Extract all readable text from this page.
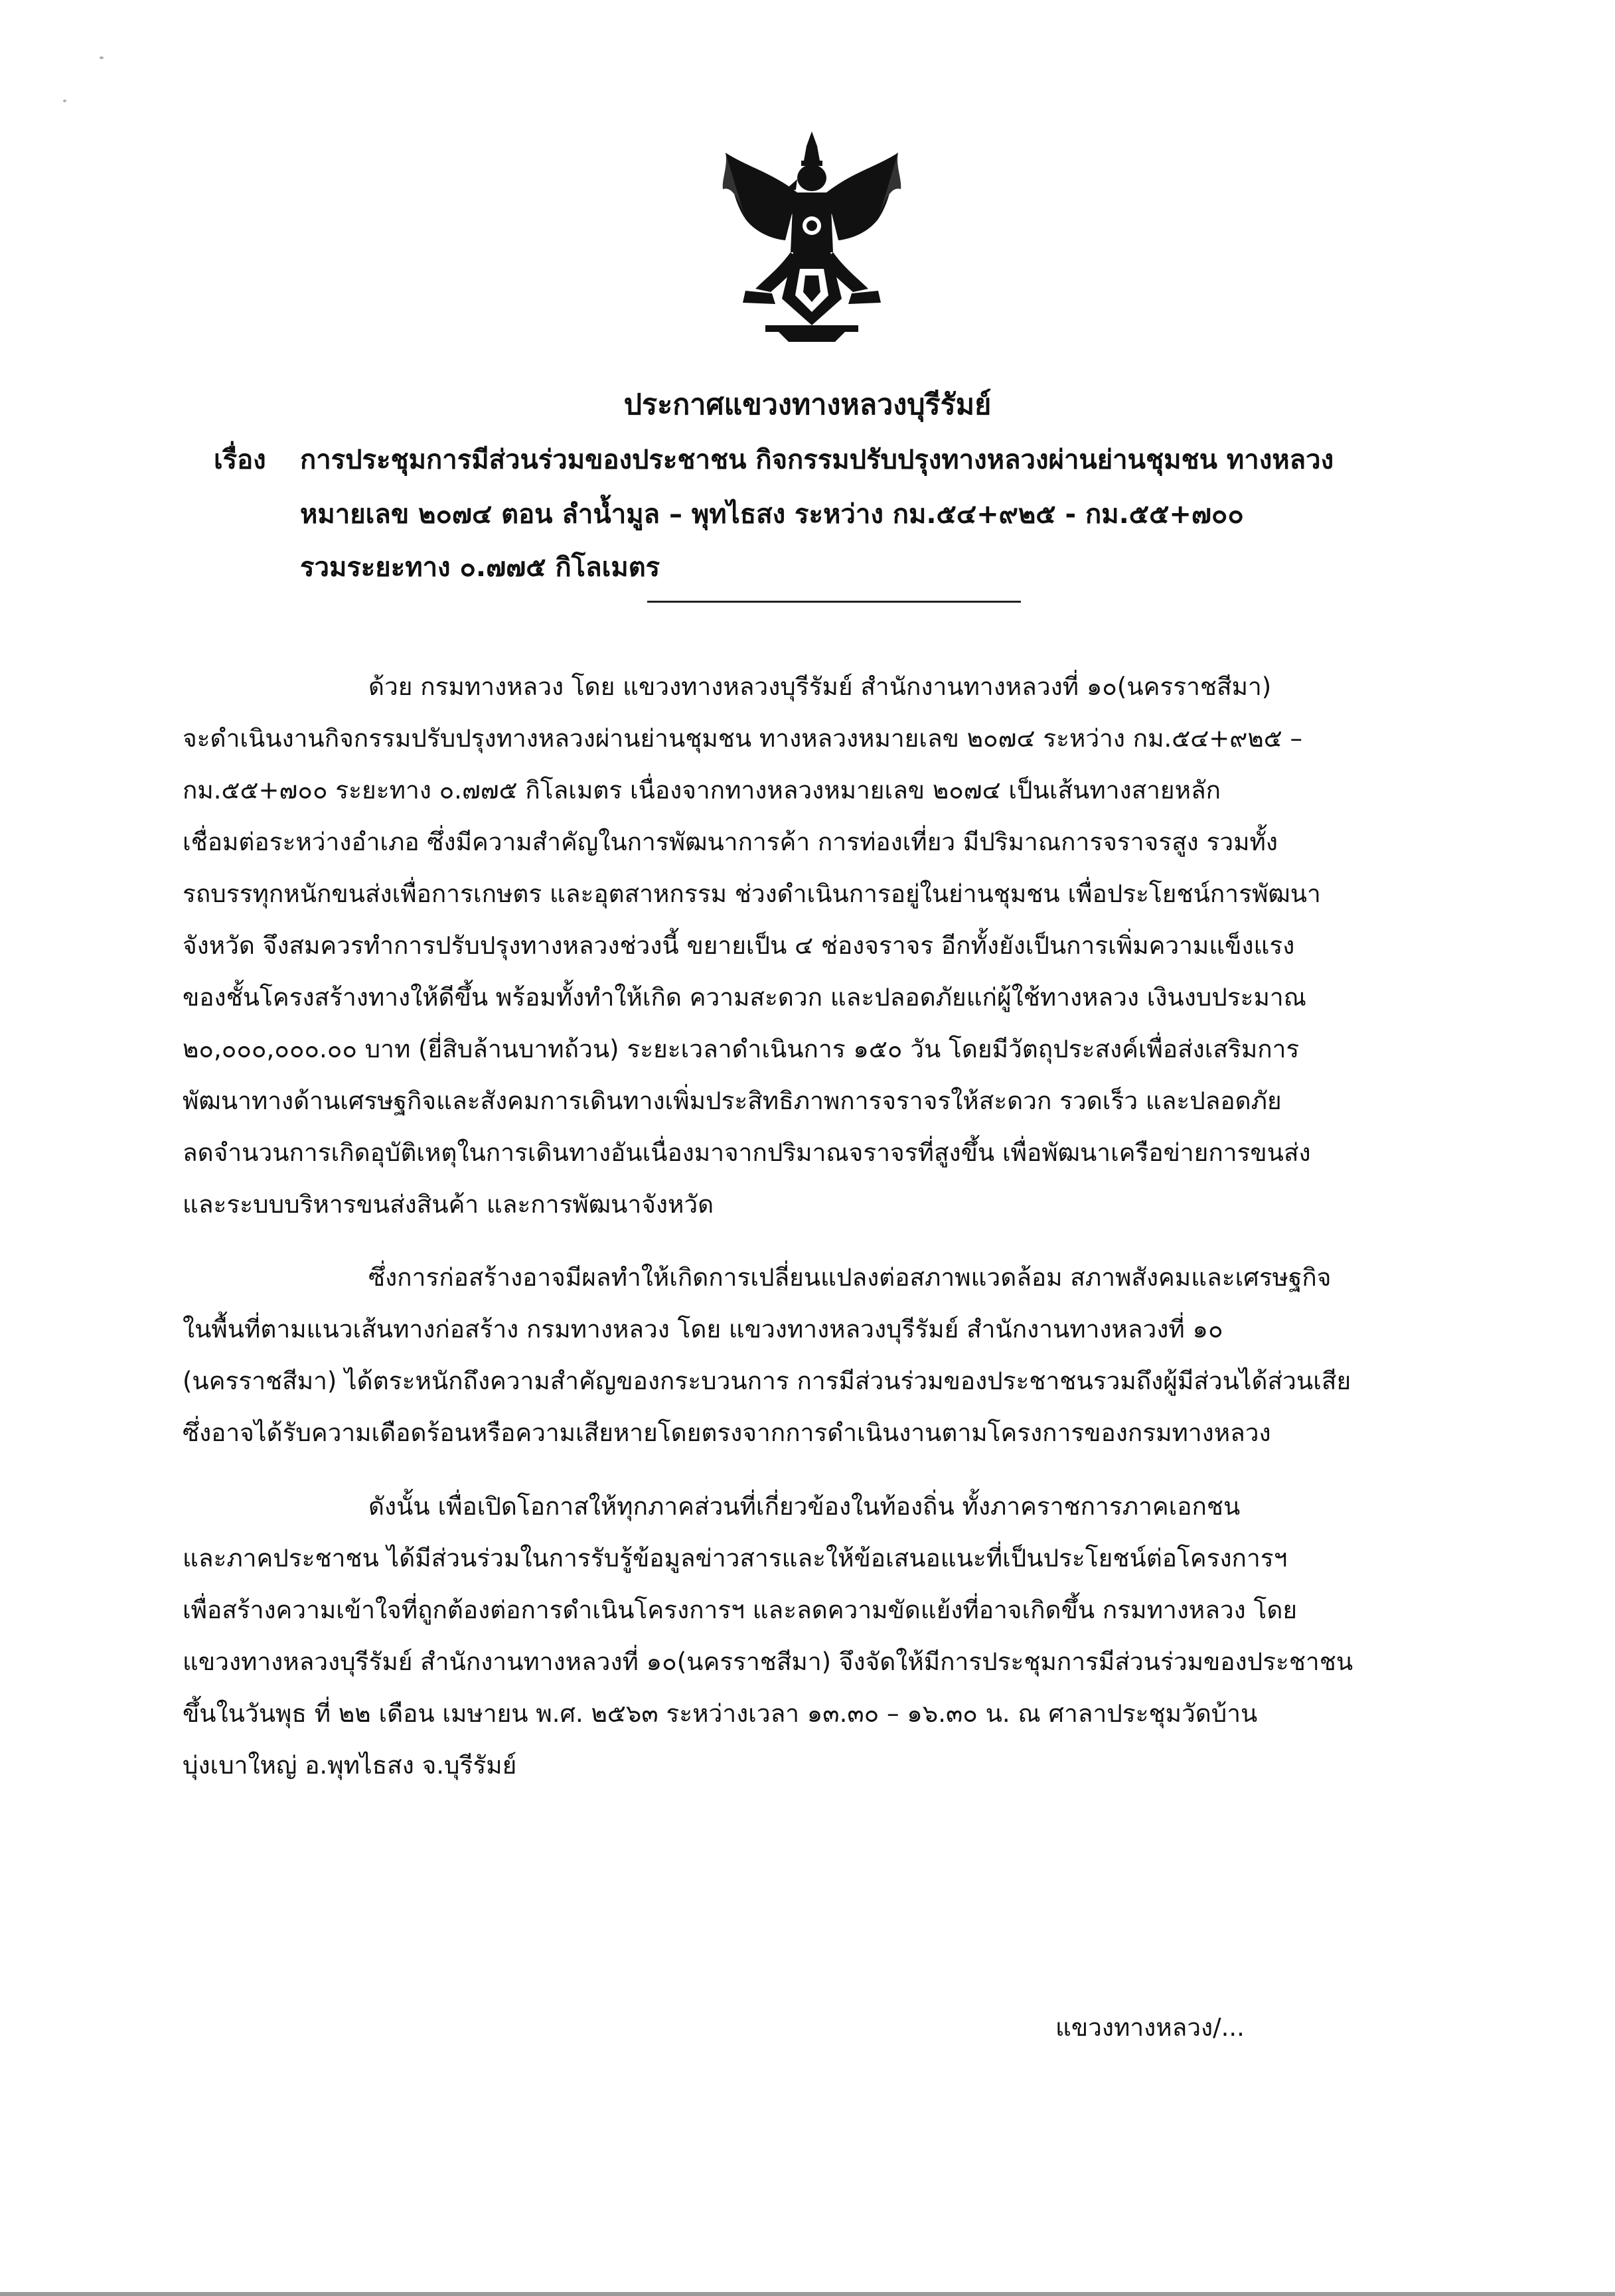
ประกาศแขวงทางหลวงบุรีรัมย์
เรื่อง การประชุมการมีส่วนร่วมของประชาชน กิจกรรมปรับปรุงทางหลวงผ่านย่านชุมชน ทางหลวง
หมายเลข ๒๐๗๔ ตอน ลำน้ำมูล – พุทไธสง ระหว่าง กม.๕๔+๙๒๕ - กม.๕๕+๗๐๐
รวมระยะทาง ๐.๗๗๕ กิโลเมตร
ด้วย กรมทางหลวง โดย แขวงทางหลวงบุรีรัมย์ สำนักงานทางหลวงที่ ๑๐(นครราชสีมา)
จะดำเนินงานกิจกรรมปรับปรุงทางหลวงผ่านย่านชุมชน ทางหลวงหมายเลข ๒๐๗๔ ระหว่าง กม.๕๔+๙๒๕ –
กม.๕๕+๗๐๐ ระยะทาง ๐.๗๗๕ กิโลเมตร เนื่องจากทางหลวงหมายเลข ๒๐๗๔ เป็นเส้นทางสายหลัก
เชื่อมต่อระหว่างอำเภอ ซึ่งมีความสำคัญในการพัฒนาการค้า การท่องเที่ยว มีปริมาณการจราจรสูง รวมทั้ง
รถบรรทุกหนักขนส่งเพื่อการเกษตร และอุตสาหกรรม ช่วงดำเนินการอยู่ในย่านชุมชน เพื่อประโยชน์การพัฒนา
จังหวัด จึงสมควรทำการปรับปรุงทางหลวงช่วงนี้ ขยายเป็น ๔ ช่องจราจร อีกทั้งยังเป็นการเพิ่มความแข็งแรง
ของชั้นโครงสร้างทางให้ดีขึ้น พร้อมทั้งทำให้เกิด ความสะดวก และปลอดภัยแก่ผู้ใช้ทางหลวง เงินงบประมาณ
๒๐,๐๐๐,๐๐๐.๐๐ บาท (ยี่สิบล้านบาทถ้วน) ระยะเวลาดำเนินการ ๑๕๐ วัน โดยมีวัตถุประสงค์เพื่อส่งเสริมการ
พัฒนาทางด้านเศรษฐกิจและสังคมการเดินทางเพิ่มประสิทธิภาพการจราจรให้สะดวก รวดเร็ว และปลอดภัย
ลดจำนวนการเกิดอุบัติเหตุในการเดินทางอันเนื่องมาจากปริมาณจราจรที่สูงขึ้น เพื่อพัฒนาเครือข่ายการขนส่ง
และระบบบริหารขนส่งสินค้า และการพัฒนาจังหวัด
ซึ่งการก่อสร้างอาจมีผลทำให้เกิดการเปลี่ยนแปลงต่อสภาพแวดล้อม สภาพสังคมและเศรษฐกิจ
ในพื้นที่ตามแนวเส้นทางก่อสร้าง กรมทางหลวง โดย แขวงทางหลวงบุรีรัมย์ สำนักงานทางหลวงที่ ๑๐
(นครราชสีมา) ได้ตระหนักถึงความสำคัญของกระบวนการ การมีส่วนร่วมของประชาชนรวมถึงผู้มีส่วนได้ส่วนเสีย
ซึ่งอาจได้รับความเดือดร้อนหรือความเสียหายโดยตรงจากการดำเนินงานตามโครงการของกรมทางหลวง
ดังนั้น เพื่อเปิดโอกาสให้ทุกภาคส่วนที่เกี่ยวข้องในท้องถิ่น ทั้งภาคราชการภาคเอกชน
และภาคประชาชน ได้มีส่วนร่วมในการรับรู้ข้อมูลข่าวสารและให้ข้อเสนอแนะที่เป็นประโยชน์ต่อโครงการฯ
เพื่อสร้างความเข้าใจที่ถูกต้องต่อการดำเนินโครงการฯ และลดความขัดแย้งที่อาจเกิดขึ้น กรมทางหลวง โดย
แขวงทางหลวงบุรีรัมย์ สำนักงานทางหลวงที่ ๑๐(นครราชสีมา) จึงจัดให้มีการประชุมการมีส่วนร่วมของประชาชน
ขึ้นในวันพุธ ที่ ๒๒ เดือน เมษายน พ.ศ. ๒๕๖๓ ระหว่างเวลา ๑๓.๓๐ – ๑๖.๓๐ น. ณ ศาลาประชุมวัดบ้าน
บุ่งเบาใหญ่ อ.พุทไธสง จ.บุรีรัมย์
แขวงทางหลวง/...
